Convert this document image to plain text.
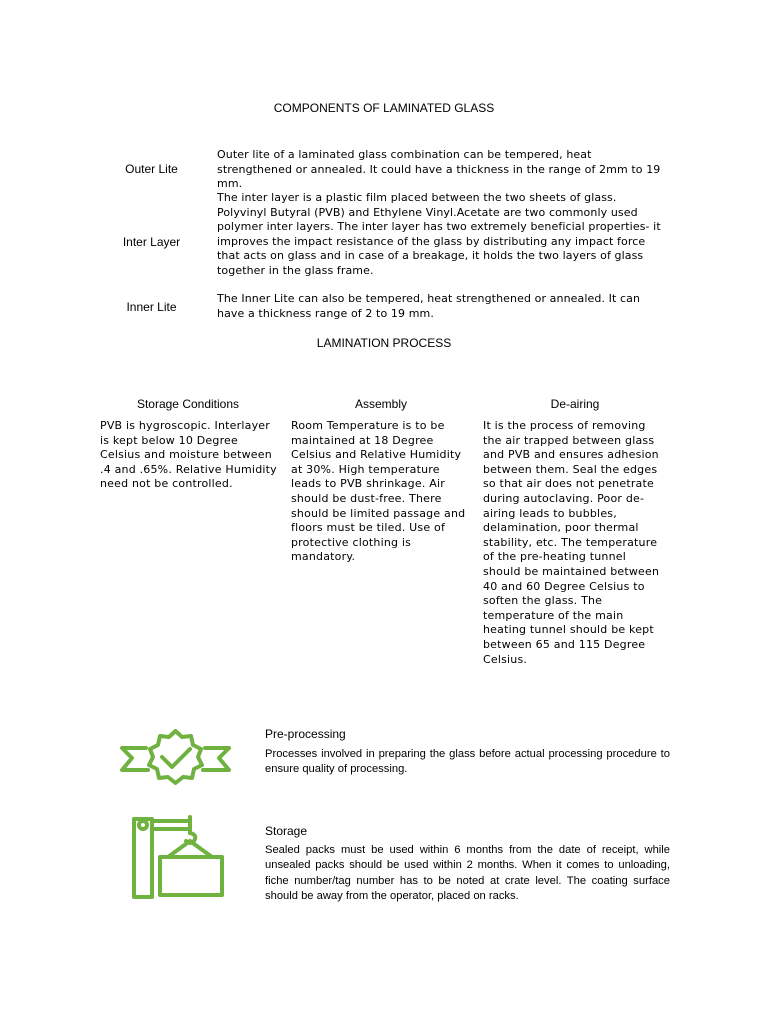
COMPONENTS OF LAMINATED GLASS
Outer Lite
Outer lite of a laminated glass combination can be tempered, heat strengthened or annealed. It could have a thickness in the range of 2mm to 19 mm.
Inter Layer
The inter layer is a plastic film placed between the two sheets of glass. Polyvinyl Butyral (PVB) and Ethylene Vinyl.Acetate are two commonly used polymer inter layers. The inter layer has two extremely beneficial properties- it improves the impact resistance of the glass by distributing any impact force that acts on glass and in case of a breakage, it holds the two layers of glass together in the glass frame.
Inner Lite
The Inner Lite can also be tempered, heat strengthened or annealed. It can have a thickness range of 2 to 19 mm.
LAMINATION PROCESS
Storage Conditions
PVB is hygroscopic. Interlayer is kept below 10 Degree Celsius and moisture between .4 and .65%. Relative Humidity need not be controlled.
Assembly
Room Temperature is to be maintained at 18 Degree Celsius and Relative Humidity at 30%. High temperature leads to PVB shrinkage. Air should be dust-free. There should be limited passage and floors must be tiled. Use of protective clothing is mandatory.
De-airing
It is the process of removing the air trapped between glass and PVB and ensures adhesion between them. Seal the edges so that air does not penetrate during autoclaving. Poor de-airing leads to bubbles, delamination, poor thermal stability, etc. The temperature of the pre-heating tunnel should be maintained between 40 and 60 Degree Celsius to soften the glass. The temperature of the main heating tunnel should be kept between 65 and 115 Degree Celsius.
Pre-processing
Processes involved in preparing the glass before actual processing procedure to ensure quality of processing.
Storage
Sealed packs must be used within 6 months from the date of receipt, while unsealed packs should be used within 2 months. When it comes to unloading, fiche number/tag number has to be noted at crate level. The coating surface should be away from the operator, placed on racks.
